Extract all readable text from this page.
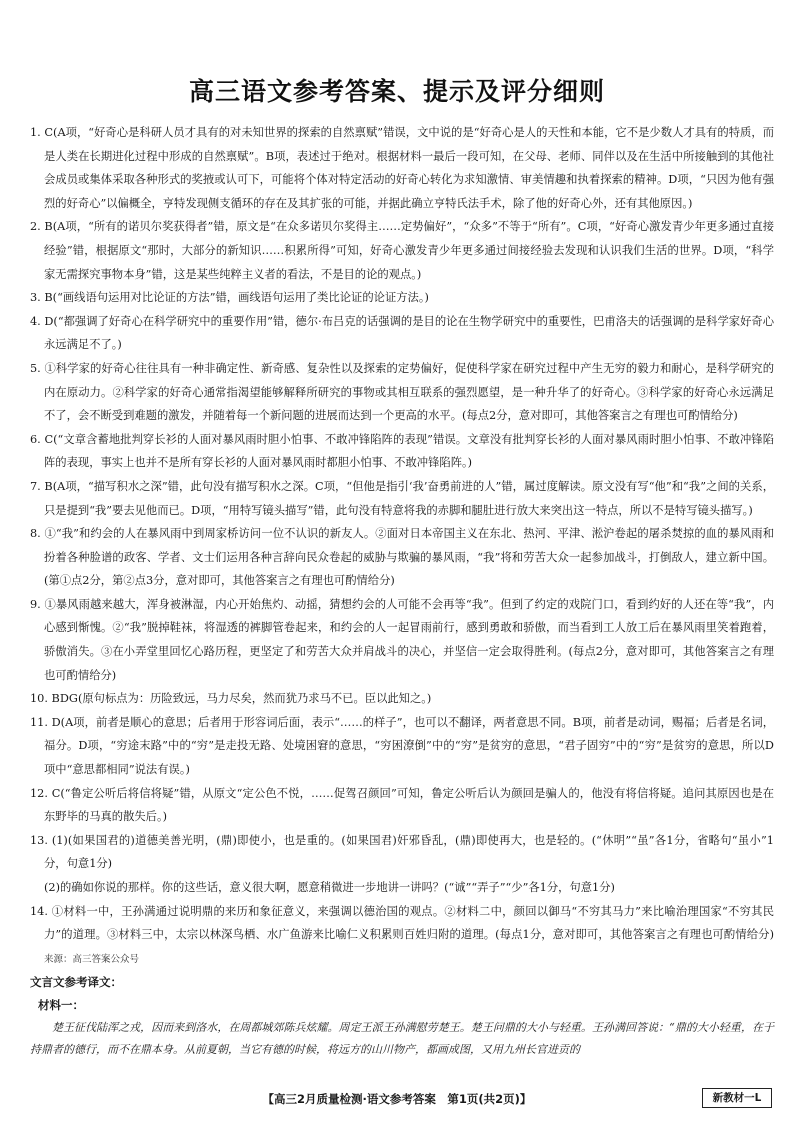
高三语文参考答案、提示及评分细则
1. C(A项，“好奇心是科研人员才具有的对未知世界的探索的自然禀赋”错误，文中说的是“好奇心是人的天性和本能，它不是少数人才具有的特质，而是人类在长期进化过程中形成的自然禀赋”。B项，表述过于绝对。根据材料一最后一段可知，在父母、老师、同伴以及在生活中所接触到的其他社会成员或集体采取各种形式的奖掖或认可下，可能将个体对特定活动的好奇心转化为求知激情、审美情趣和执着探索的精神。D项，“只因为他有强烈的好奇心”以偏概全，亨特发现侧支循环的存在及其扩张的可能，并据此确立亨特氏法手术，除了他的好奇心外，还有其他原因。)
2. B(A项，“所有的诺贝尔奖获得者”错，原文是“在众多诺贝尔奖得主……定势偏好”，“众多”不等于“所有”。C项，“好奇心激发青少年更多通过直接经验”错，根据原文“那时，大部分的新知识……积累所得”可知，好奇心激发青少年更多通过间接经验去发现和认识我们生活的世界。D项，“科学家无需探究事物本身”错，这是某些纯粹主义者的看法，不是目的论的观点。)
3. B(“画线语句运用对比论证的方法”错，画线语句运用了类比论证的论证方法。)
4. D(“都强调了好奇心在科学研究中的重要作用”错，德尔·布吕克的话强调的是目的论在生物学研究中的重要性，巴甫洛夫的话强调的是科学家好奇心永远满足不了。)
5. ①科学家的好奇心往往具有一种非确定性、新奇感、复杂性以及探索的定势偏好，促使科学家在研究过程中产生无穷的毅力和耐心，是科学研究的内在原动力。②科学家的好奇心通常指渴望能够解释所研究的事物或其相互联系的强烈愿望，是一种升华了的好奇心。③科学家的好奇心永远满足不了，会不断受到难题的激发，并随着每一个新问题的进展而达到一个更高的水平。(每点2分，意对即可，其他答案言之有理也可酌情给分)
6. C(“文章含蓄地批判穿长衫的人面对暴风雨时胆小怕事、不敢冲锋陷阵的表现”错误。文章没有批判穿长衫的人面对暴风雨时胆小怕事、不敢冲锋陷阵的表现，事实上也并不是所有穿长衫的人面对暴风雨时都胆小怕事、不敢冲锋陷阵。)
7. B(A项，“描写积水之深”错，此句没有描写积水之深。C项，“但他是指引‘我’奋勇前进的人”错，属过度解读。原文没有写“他”和“我”之间的关系，只是提到“我”要去见他而已。D项，“用特写镜头描写”错，此句没有特意将我的赤脚和腿肚进行放大来突出这一特点，所以不是特写镜头描写。)
8. ①“我”和约会的人在暴风雨中到周家桥访问一位不认识的新友人。②面对日本帝国主义在东北、热河、平津、淞沪卷起的屠杀焚掠的血的暴风雨和扮着各种脸谱的政客、学者、文士们运用各种言辞向民众卷起的威胁与欺骗的暴风雨，“我”将和劳苦大众一起参加战斗，打倒敌人，建立新中国。(第①点2分，第②点3分，意对即可，其他答案言之有理也可酌情给分)
9. ①暴风雨越来越大，浑身被淋湿，内心开始焦灼、动摇，猜想约会的人可能不会再等“我”。但到了约定的戏院门口，看到约好的人还在等“我”，内心感到惭愧。②“我”脱掉鞋袜，将湿透的裤脚管卷起来，和约会的人一起冒雨前行，感到勇敢和骄傲，而当看到工人放工后在暴风雨里笑着跑着，骄傲消失。③在小弄堂里回忆心路历程，更坚定了和劳苦大众并肩战斗的决心，并坚信一定会取得胜利。(每点2分，意对即可，其他答案言之有理也可酌情给分)
10. BDG(原句标点为：历险致远，马力尽矣，然而犹乃求马不已。臣以此知之。)
11. D(A项，前者是顺心的意思；后者用于形容词后面，表示“……的样子”，也可以不翻译，两者意思不同。B项，前者是动词，赐福；后者是名词，福分。D项，“穷途末路”中的“穷”是走投无路、处境困窘的意思，“穷困潦倒”中的“穷”是贫穷的意思，“君子固穷”中的“穷”是贫穷的意思，所以D项中“意思都相同”说法有误。)
12. C(“鲁定公听后将信将疑”错，从原文“定公色不悦，……促驾召颜回”可知，鲁定公听后认为颜回是骗人的，他没有将信将疑。追问其原因也是在东野毕的马真的散失后。)
13. (1)(如果国君的)道德美善光明，(鼎)即使小，也是重的。(如果国君)奸邪昏乱，(鼎)即使再大，也是轻的。(“休明”“虽”各1分，省略句“虽小”1分，句意1分)
(2)的确如你说的那样。你的这些话，意义很大啊，愿意稍微进一步地讲一讲吗？(“诚”“弄子”“少”各1分，句意1分)
14. ①材料一中，王孙满通过说明鼎的来历和象征意义，来强调以德治国的观点。②材料二中，颜回以御马“不穷其马力”来比喻治理国家“不穷其民力”的道理。③材料三中，太宗以林深鸟栖、水广鱼游来比喻仁义积累则百姓归附的道理。(每点1分，意对即可，其他答案言之有理也可酌情给分)来源：高三答案公众号
文言文参考译文：
材料一：
楚王征伐陆浑之戎，因而来到洛水，在周都城郊陈兵炫耀。周定王派王孙满慰劳楚王。楚王问鼎的大小与轻重。王孙满回答说：“鼎的大小轻重，在于持鼎者的德行，而不在鼎本身。从前夏朝，当它有德的时候，将远方的山川物产，都画成图，又用九州长官进贡的
【高三2月质量检测·语文参考答案　第1页(共2页)】	新教材一L
